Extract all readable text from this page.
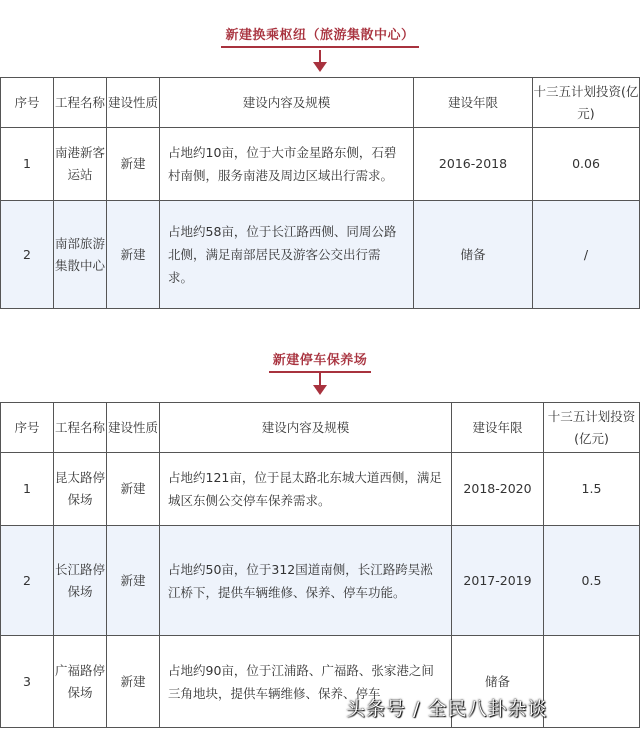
新建换乘枢纽（旅游集散中心）
序号	工程名称	建设性质	建设内容及规模	建设年限	十三五计划投资(亿元)
1	南港新客运站	新建	占地约10亩，位于大市金星路东侧，石碧村南侧，服务南港及周边区域出行需求。	2016-2018	0.06
2	南部旅游集散中心	新建	占地约58亩，位于长江路西侧、同周公路北侧，满足南部居民及游客公交出行需求。	储备	/
新建停车保养场
序号	工程名称	建设性质	建设内容及规模	建设年限	十三五计划投资(亿元)
1	昆太路停保场	新建	占地约121亩，位于昆太路北东城大道西侧，满足城区东侧公交停车保养需求。	2018-2020	1.5
2	长江路停保场	新建	占地约50亩，位于312国道南侧，长江路跨昊淞江桥下，提供车辆维修、保养、停车功能。	2017-2019	0.5
3	广福路停保场	新建	占地约90亩，位于江浦路、广福路、张家港之间三角地块，提供车辆维修、保养、停车	储备	
头条号 / 全民八卦杂谈
